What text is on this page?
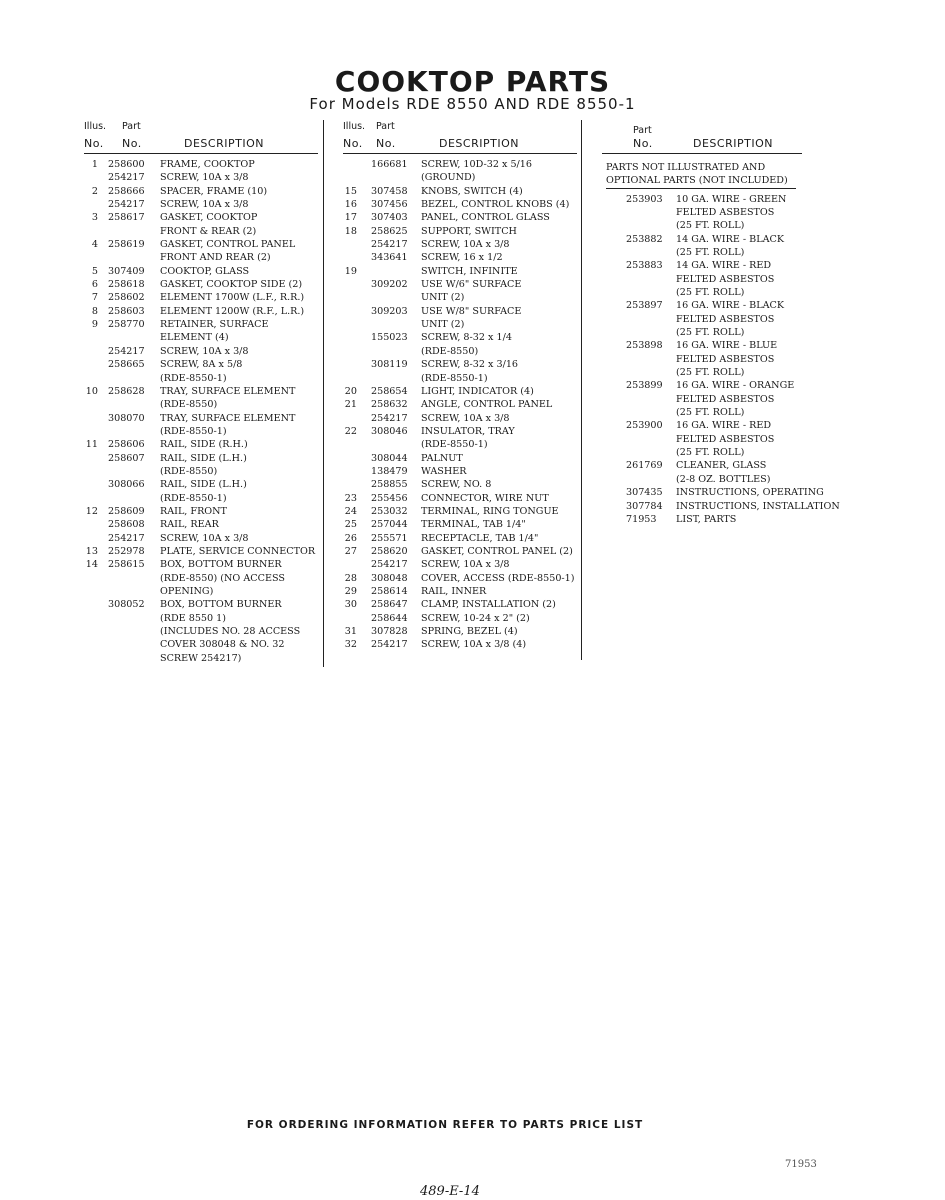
COOKTOP PARTS
For Models RDE 8550 AND RDE 8550-1
Illus. Part
No. No.	DESCRIPTION
1 258600 FRAME, COOKTOP
254217 SCREW, 10A x 3/8
2 258666 SPACER, FRAME (10)
254217 SCREW, 10A x 3/8
3 258617 GASKET, COOKTOP
FRONT & REAR (2)
4 258619 GASKET, CONTROL PANEL
FRONT AND REAR (2)
5 307409 COOKTOP, GLASS
6 258618 GASKET, COOKTOP SIDE (2)
7 258602 ELEMENT 1700W (L.F., R.R.)
8 258603 ELEMENT 1200W (R.F., L.R.)
9 258770 RETAINER, SURFACE
ELEMENT (4)
254217 SCREW, 10A x 3/8
258665 SCREW, 8A x 5/8
(RDE-8550-1)
10 258628 TRAY, SURFACE ELEMENT
(RDE-8550)
308070 TRAY, SURFACE ELEMENT
(RDE-8550-1)
11 258606 RAIL, SIDE (R.H.)
258607 RAIL, SIDE (L.H.)
(RDE-8550)
308066 RAIL, SIDE (L.H.)
(RDE-8550-1)
12 258609 RAIL, FRONT
258608 RAIL, REAR
254217 SCREW, 10A x 3/8
13 252978 PLATE, SERVICE CONNECTOR
14 258615 BOX, BOTTOM BURNER
(RDE-8550) (NO ACCESS
OPENING)
308052 BOX, BOTTOM BURNER
(RDE 8550 1)
(INCLUDES NO. 28 ACCESS
COVER 308048 & NO. 32
SCREW 254217)
Illus. Part
No. No.	DESCRIPTION
166681 SCREW, 10D-32 x 5/16
(GROUND)
15 307458 KNOBS, SWITCH (4)
16 307456 BEZEL, CONTROL KNOBS (4)
17 307403 PANEL, CONTROL GLASS
18 258625 SUPPORT, SWITCH
254217 SCREW, 10A x 3/8
343641 SCREW, 16 x 1/2
19	SWITCH, INFINITE
309202 USE W/6" SURFACE
UNIT (2)
309203 USE W/8" SURFACE
UNIT (2)
155023 SCREW, 8-32 x 1/4
(RDE-8550)
308119 SCREW, 8-32 x 3/16
(RDE-8550-1)
20 258654 LIGHT, INDICATOR (4)
21 258632 ANGLE, CONTROL PANEL
254217 SCREW, 10A x 3/8
22 308046 INSULATOR, TRAY
(RDE-8550-1)
308044 PALNUT
138479 WASHER
258855 SCREW, NO. 8
23 255456 CONNECTOR, WIRE NUT
24 253032 TERMINAL, RING TONGUE
25 257044 TERMINAL, TAB 1/4"
26 255571 RECEPTACLE, TAB 1/4"
27 258620 GASKET, CONTROL PANEL (2)
254217 SCREW, 10A x 3/8
28 308048 COVER, ACCESS (RDE-8550-1)
29 258614 RAIL, INNER
30 258647 CLAMP, INSTALLATION (2)
258644 SCREW, 10-24 x 2" (2)
31 307828 SPRING, BEZEL (4)
32 254217 SCREW, 10A x 3/8 (4)
Part
No.	DESCRIPTION
PARTS NOT ILLUSTRATED AND
OPTIONAL PARTS (NOT INCLUDED)
253903 10 GA. WIRE - GREEN
FELTED ASBESTOS
(25 FT. ROLL)
253882 14 GA. WIRE - BLACK
(25 FT. ROLL)
253883 14 GA. WIRE - RED
FELTED ASBESTOS
(25 FT. ROLL)
253897 16 GA. WIRE - BLACK
FELTED ASBESTOS
(25 FT. ROLL)
253898 16 GA. WIRE - BLUE
FELTED ASBESTOS
(25 FT. ROLL)
253899 16 GA. WIRE - ORANGE
FELTED ASBESTOS
(25 FT. ROLL)
253900 16 GA. WIRE - RED
FELTED ASBESTOS
(25 FT. ROLL)
261769 CLEANER, GLASS
(2-8 OZ. BOTTLES)
307435 INSTRUCTIONS, OPERATING
307784 INSTRUCTIONS, INSTALLATION
71953 LIST, PARTS
FOR ORDERING INFORMATION REFER TO PARTS PRICE LIST
71953
489-E-14
